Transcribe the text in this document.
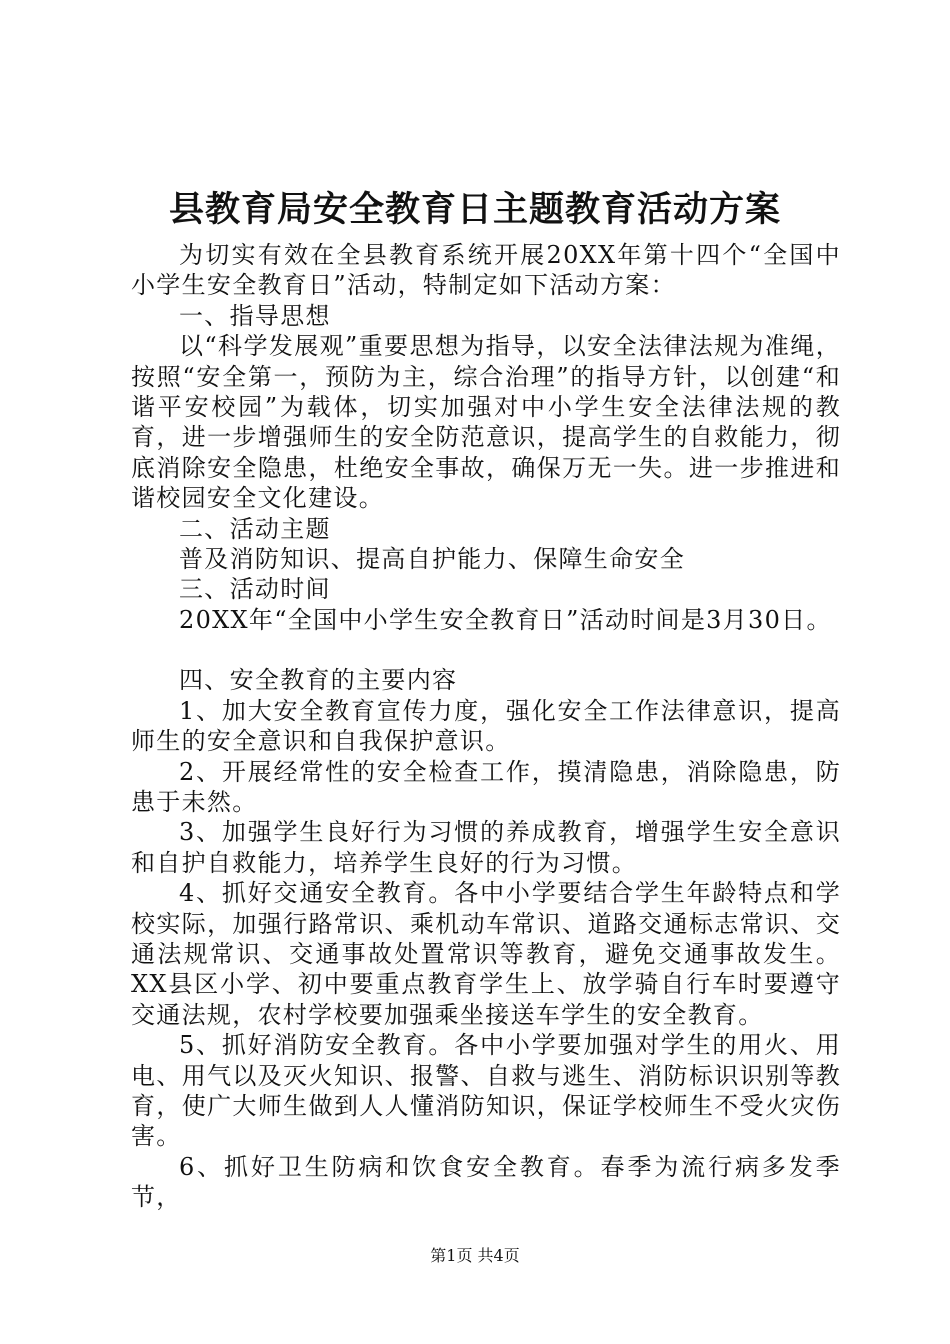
县教育局安全教育日主题教育活动方案

为切实有效在全县教育系统开展20XX年第十四个“全国中小学生安全教育日”活动，特制定如下活动方案：

一、指导思想

以“科学发展观”重要思想为指导，以安全法律法规为准绳，按照“安全第一，预防为主，综合治理”的指导方针，以创建“和谐平安校园”为载体，切实加强对中小学生安全法律法规的教育，进一步增强师生的安全防范意识，提高学生的自救能力，彻底消除安全隐患，杜绝安全事故，确保万无一失。进一步推进和谐校园安全文化建设。

二、活动主题

普及消防知识、提高自护能力、保障生命安全

三、活动时间

20XX年“全国中小学生安全教育日”活动时间是3月30日。

四、安全教育的主要内容

1、加大安全教育宣传力度，强化安全工作法律意识，提高师生的安全意识和自我保护意识。

2、开展经常性的安全检查工作，摸清隐患，消除隐患，防患于未然。

3、加强学生良好行为习惯的养成教育，增强学生安全意识和自护自救能力，培养学生良好的行为习惯。

4、抓好交通安全教育。各中小学要结合学生年龄特点和学校实际，加强行路常识、乘机动车常识、道路交通标志常识、交通法规常识、交通事故处置常识等教育，避免交通事故发生。XX县区小学、初中要重点教育学生上、放学骑自行车时要遵守交通法规，农村学校要加强乘坐接送车学生的安全教育。

5、抓好消防安全教育。各中小学要加强对学生的用火、用电、用气以及灭火知识、报警、自救与逃生、消防标识识别等教育，使广大师生做到人人懂消防知识，保证学校师生不受火灾伤害。

6、抓好卫生防病和饮食安全教育。春季为流行病多发季节，

第1页 共4页
